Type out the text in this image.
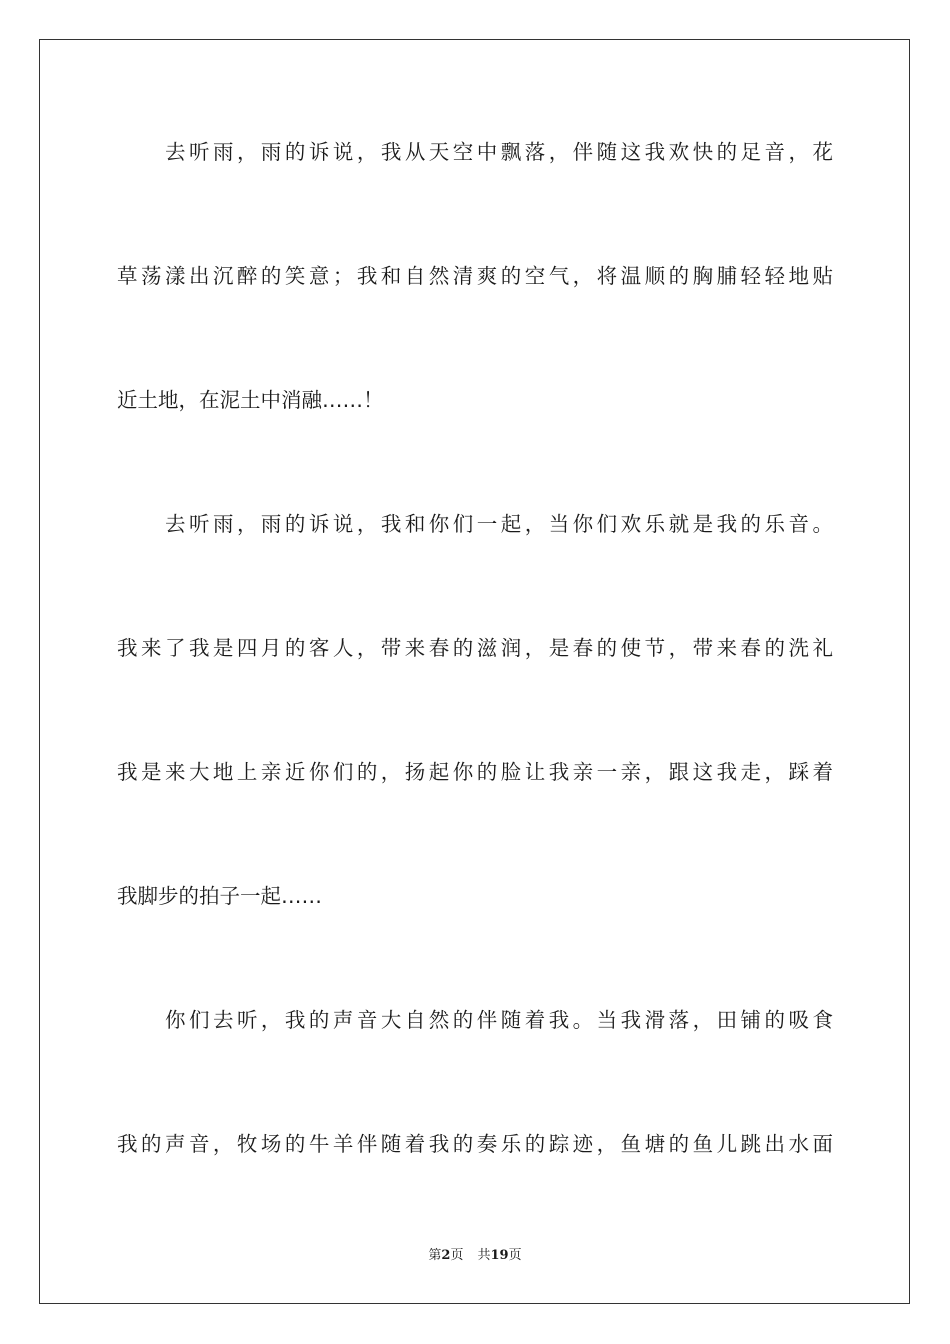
去听雨，雨的诉说，我从天空中飘落，伴随这我欢快的足音，花
草荡漾出沉醉的笑意；我和自然清爽的空气，将温顺的胸脯轻轻地贴
近土地，在泥土中消融……！
去听雨，雨的诉说，我和你们一起，当你们欢乐就是我的乐音。
我来了我是四月的客人，带来春的滋润，是春的使节，带来春的洗礼
我是来大地上亲近你们的，扬起你的脸让我亲一亲，跟这我走，踩着
我脚步的拍子一起……
你们去听，我的声音大自然的伴随着我。当我滑落，田铺的吸食
我的声音，牧场的牛羊伴随着我的奏乐的踪迹，鱼塘的鱼儿跳出水面
第2页 共19页
